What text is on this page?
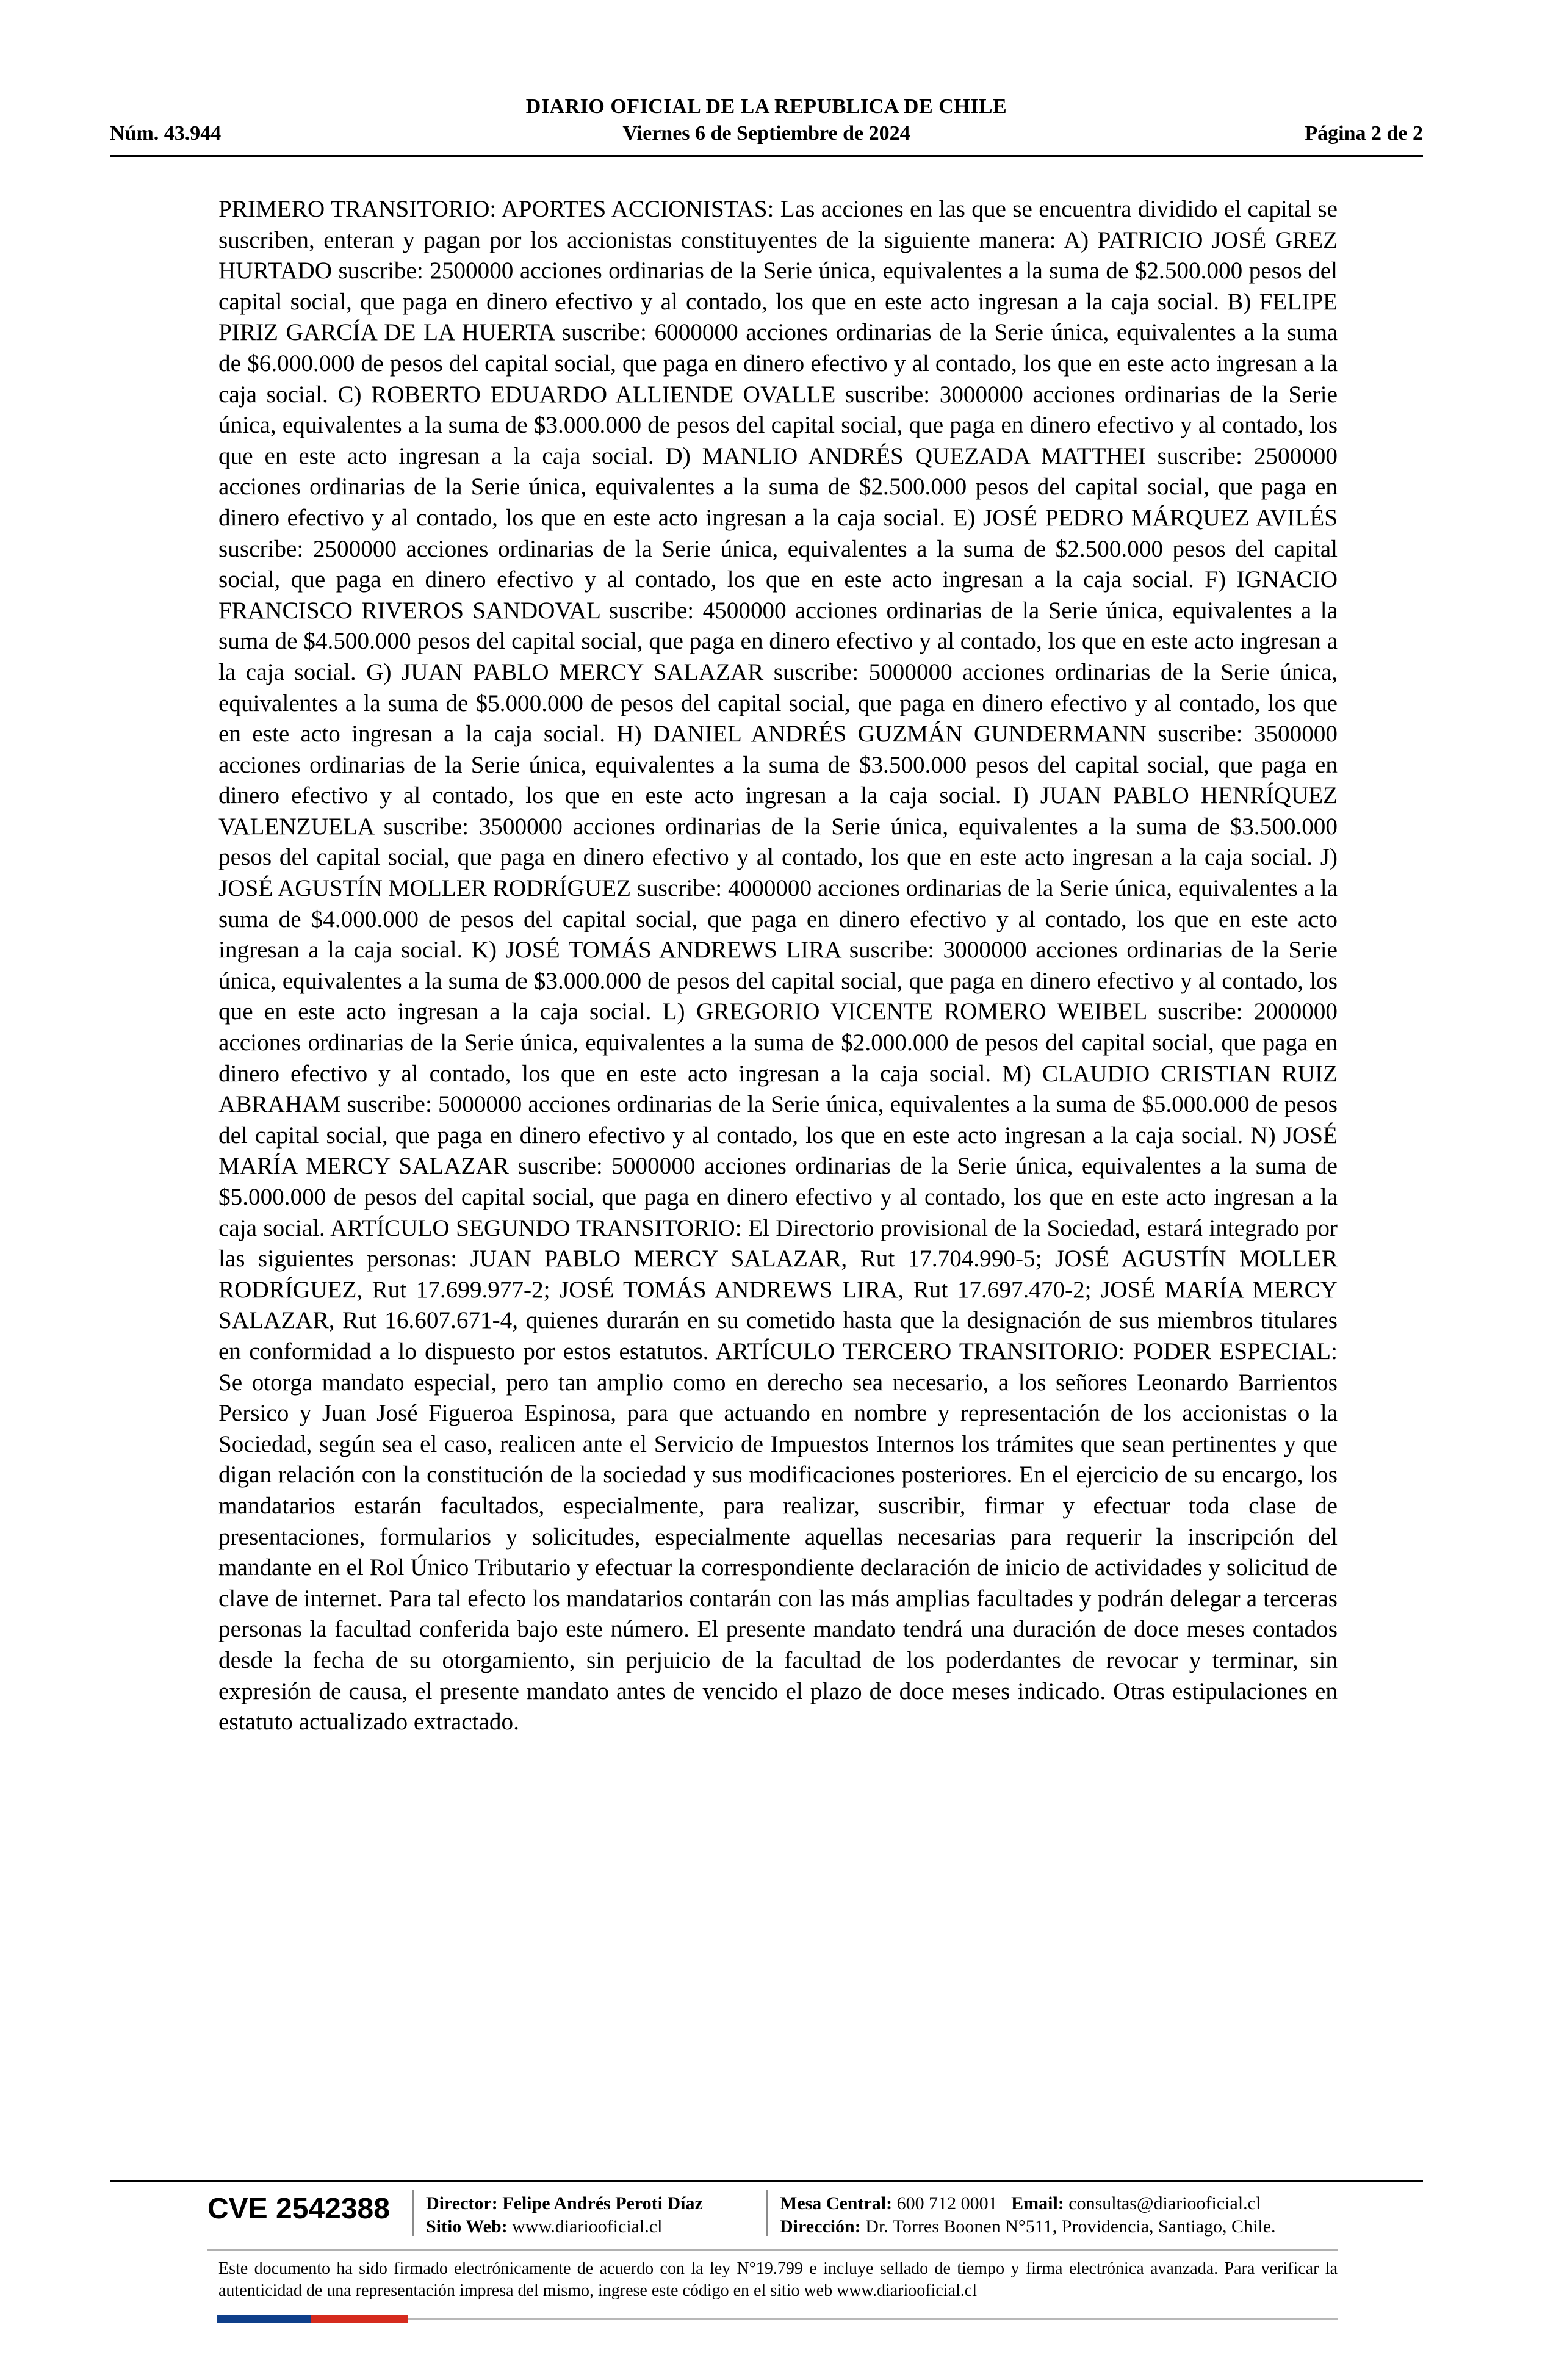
Núm. 43.944
DIARIO OFICIAL DE LA REPUBLICA DE CHILE
Viernes 6 de Septiembre de 2024	Página 2 de 2
PRIMERO TRANSITORIO: APORTES ACCIONISTAS: Las acciones en las que se encuentra dividido el capital se suscriben, enteran y pagan por los accionistas constituyentes de la siguiente manera: A) PATRICIO JOSÉ GREZ HURTADO suscribe: 2500000 acciones ordinarias de la Serie única, equivalentes a la suma de $2.500.000 pesos del capital social, que paga en dinero efectivo y al contado, los que en este acto ingresan a la caja social. B) FELIPE PIRIZ GARCÍA DE LA HUERTA suscribe: 6000000 acciones ordinarias de la Serie única, equivalentes a la suma de $6.000.000 de pesos del capital social, que paga en dinero efectivo y al contado, los que en este acto ingresan a la caja social. C) ROBERTO EDUARDO ALLIENDE OVALLE suscribe: 3000000 acciones ordinarias de la Serie única, equivalentes a la suma de $3.000.000 de pesos del capital social, que paga en dinero efectivo y al contado, los que en este acto ingresan a la caja social. D) MANLIO ANDRÉS QUEZADA MATTHEI suscribe: 2500000 acciones ordinarias de la Serie única, equivalentes a la suma de $2.500.000 pesos del capital social, que paga en dinero efectivo y al contado, los que en este acto ingresan a la caja social. E) JOSÉ PEDRO MÁRQUEZ AVILÉS suscribe: 2500000 acciones ordinarias de la Serie única, equivalentes a la suma de $2.500.000 pesos del capital social, que paga en dinero efectivo y al contado, los que en este acto ingresan a la caja social. F) IGNACIO FRANCISCO RIVEROS SANDOVAL suscribe: 4500000 acciones ordinarias de la Serie única, equivalentes a la suma de $4.500.000 pesos del capital social, que paga en dinero efectivo y al contado, los que en este acto ingresan a la caja social. G) JUAN PABLO MERCY SALAZAR suscribe: 5000000 acciones ordinarias de la Serie única, equivalentes a la suma de $5.000.000 de pesos del capital social, que paga en dinero efectivo y al contado, los que en este acto ingresan a la caja social. H) DANIEL ANDRÉS GUZMÁN GUNDERMANN suscribe: 3500000 acciones ordinarias de la Serie única, equivalentes a la suma de $3.500.000 pesos del capital social, que paga en dinero efectivo y al contado, los que en este acto ingresan a la caja social. I) JUAN PABLO HENRÍQUEZ VALENZUELA suscribe: 3500000 acciones ordinarias de la Serie única, equivalentes a la suma de $3.500.000 pesos del capital social, que paga en dinero efectivo y al contado, los que en este acto ingresan a la caja social. J) JOSÉ AGUSTÍN MOLLER RODRÍGUEZ suscribe: 4000000 acciones ordinarias de la Serie única, equivalentes a la suma de $4.000.000 de pesos del capital social, que paga en dinero efectivo y al contado, los que en este acto ingresan a la caja social. K) JOSÉ TOMÁS ANDREWS LIRA suscribe: 3000000 acciones ordinarias de la Serie única, equivalentes a la suma de $3.000.000 de pesos del capital social, que paga en dinero efectivo y al contado, los que en este acto ingresan a la caja social. L) GREGORIO VICENTE ROMERO WEIBEL suscribe: 2000000 acciones ordinarias de la Serie única, equivalentes a la suma de $2.000.000 de pesos del capital social, que paga en dinero efectivo y al contado, los que en este acto ingresan a la caja social. M) CLAUDIO CRISTIAN RUIZ ABRAHAM suscribe: 5000000 acciones ordinarias de la Serie única, equivalentes a la suma de $5.000.000 de pesos del capital social, que paga en dinero efectivo y al contado, los que en este acto ingresan a la caja social. N) JOSÉ MARÍA MERCY SALAZAR suscribe: 5000000 acciones ordinarias de la Serie única, equivalentes a la suma de $5.000.000 de pesos del capital social, que paga en dinero efectivo y al contado, los que en este acto ingresan a la caja social. ARTÍCULO SEGUNDO TRANSITORIO: El Directorio provisional de la Sociedad, estará integrado por las siguientes personas: JUAN PABLO MERCY SALAZAR, Rut 17.704.990-5; JOSÉ AGUSTÍN MOLLER RODRÍGUEZ, Rut 17.699.977-2; JOSÉ TOMÁS ANDREWS LIRA, Rut 17.697.470-2; JOSÉ MARÍA MERCY SALAZAR, Rut 16.607.671-4, quienes durarán en su cometido hasta que la designación de sus miembros titulares en conformidad a lo dispuesto por estos estatutos. ARTÍCULO TERCERO TRANSITORIO: PODER ESPECIAL: Se otorga mandato especial, pero tan amplio como en derecho sea necesario, a los señores Leonardo Barrientos Persico y Juan José Figueroa Espinosa, para que actuando en nombre y representación de los accionistas o la Sociedad, según sea el caso, realicen ante el Servicio de Impuestos Internos los trámites que sean pertinentes y que digan relación con la constitución de la sociedad y sus modificaciones posteriores. En el ejercicio de su encargo, los mandatarios estarán facultados, especialmente, para realizar, suscribir, firmar y efectuar toda clase de presentaciones, formularios y solicitudes, especialmente aquellas necesarias para requerir la inscripción del mandante en el Rol Único Tributario y efectuar la correspondiente declaración de inicio de actividades y solicitud de clave de internet. Para tal efecto los mandatarios contarán con las más amplias facultades y podrán delegar a terceras personas la facultad conferida bajo este número. El presente mandato tendrá una duración de doce meses contados desde la fecha de su otorgamiento, sin perjuicio de la facultad de los poderdantes de revocar y terminar, sin expresión de causa, el presente mandato antes de vencido el plazo de doce meses indicado. Otras estipulaciones en estatuto actualizado extractado.
CVE 2542388 Director: Felipe Andrés Peroti Díaz
Sitio Web: www.diariooficial.cl
Mesa Central: 600 712 0001 Email: consultas@diariooficial.cl
Dirección: Dr. Torres Boonen N°511, Providencia, Santiago, Chile.
Este documento ha sido firmado electrónicamente de acuerdo con la ley N°19.799 e incluye sellado de tiempo y firma electrónica avanzada. Para verificar la autenticidad de una representación impresa del mismo, ingrese este código en el sitio web www.diariooficial.cl
